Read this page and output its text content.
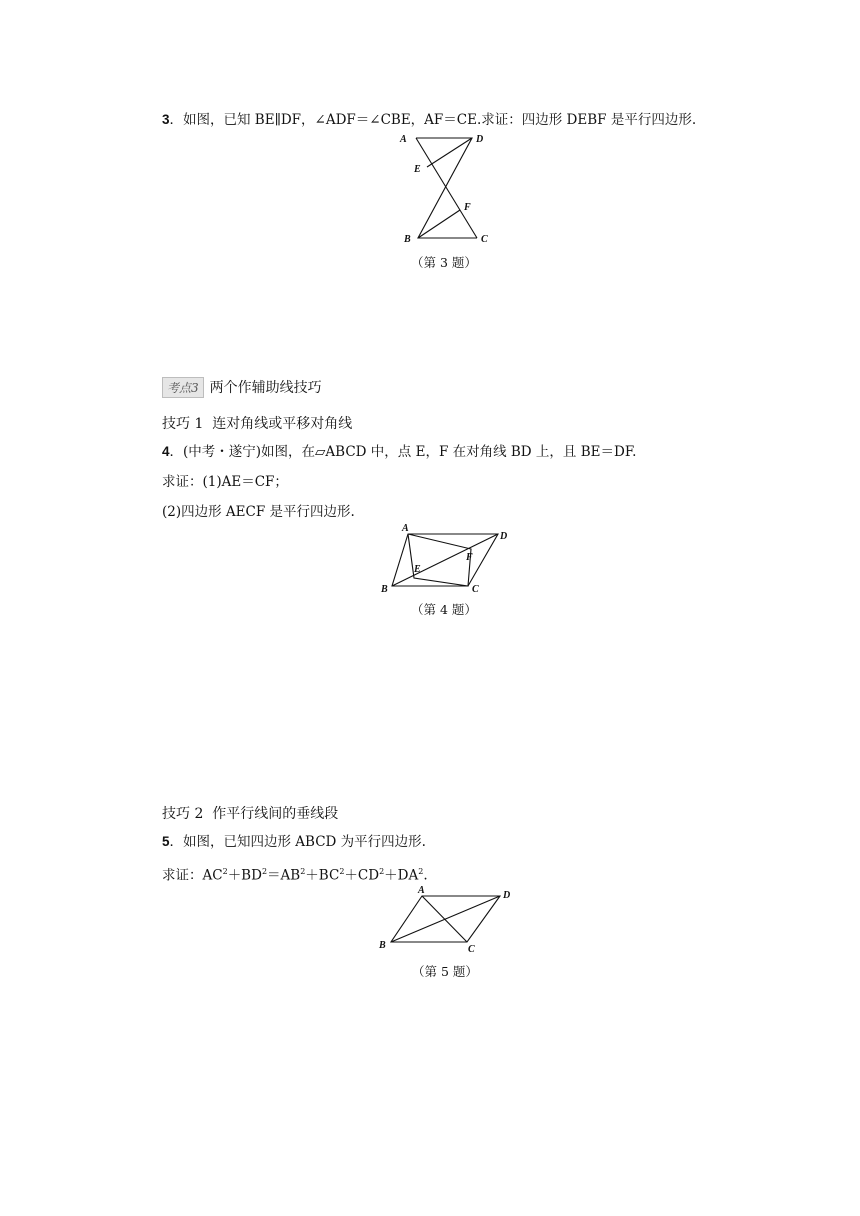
3．如图，已知 BE∥DF，∠ADF＝∠CBE，AF＝CE.求证：四边形 DEBF 是平行四边形.
A	D
E
F
B	C
（第 3 题）
考点3 两个作辅助线技巧
技巧 1 连对角线或平移对角线
4．(中考・遂宁)如图，在▱ABCD 中，点 E，F 在对角线 BD 上，且 BE＝DF.
求证：(1)AE＝CF；
(2)四边形 AECF 是平行四边形.
A
D
E
F
B	C
（第 4 题）
技巧 2 作平行线间的垂线段
5．如图，已知四边形 ABCD 为平行四边形.
求证：$AC^2+BD^2=AB^2+BC^2+CD^2+DA^2$.
A	D
B	C
（第 5 题）
